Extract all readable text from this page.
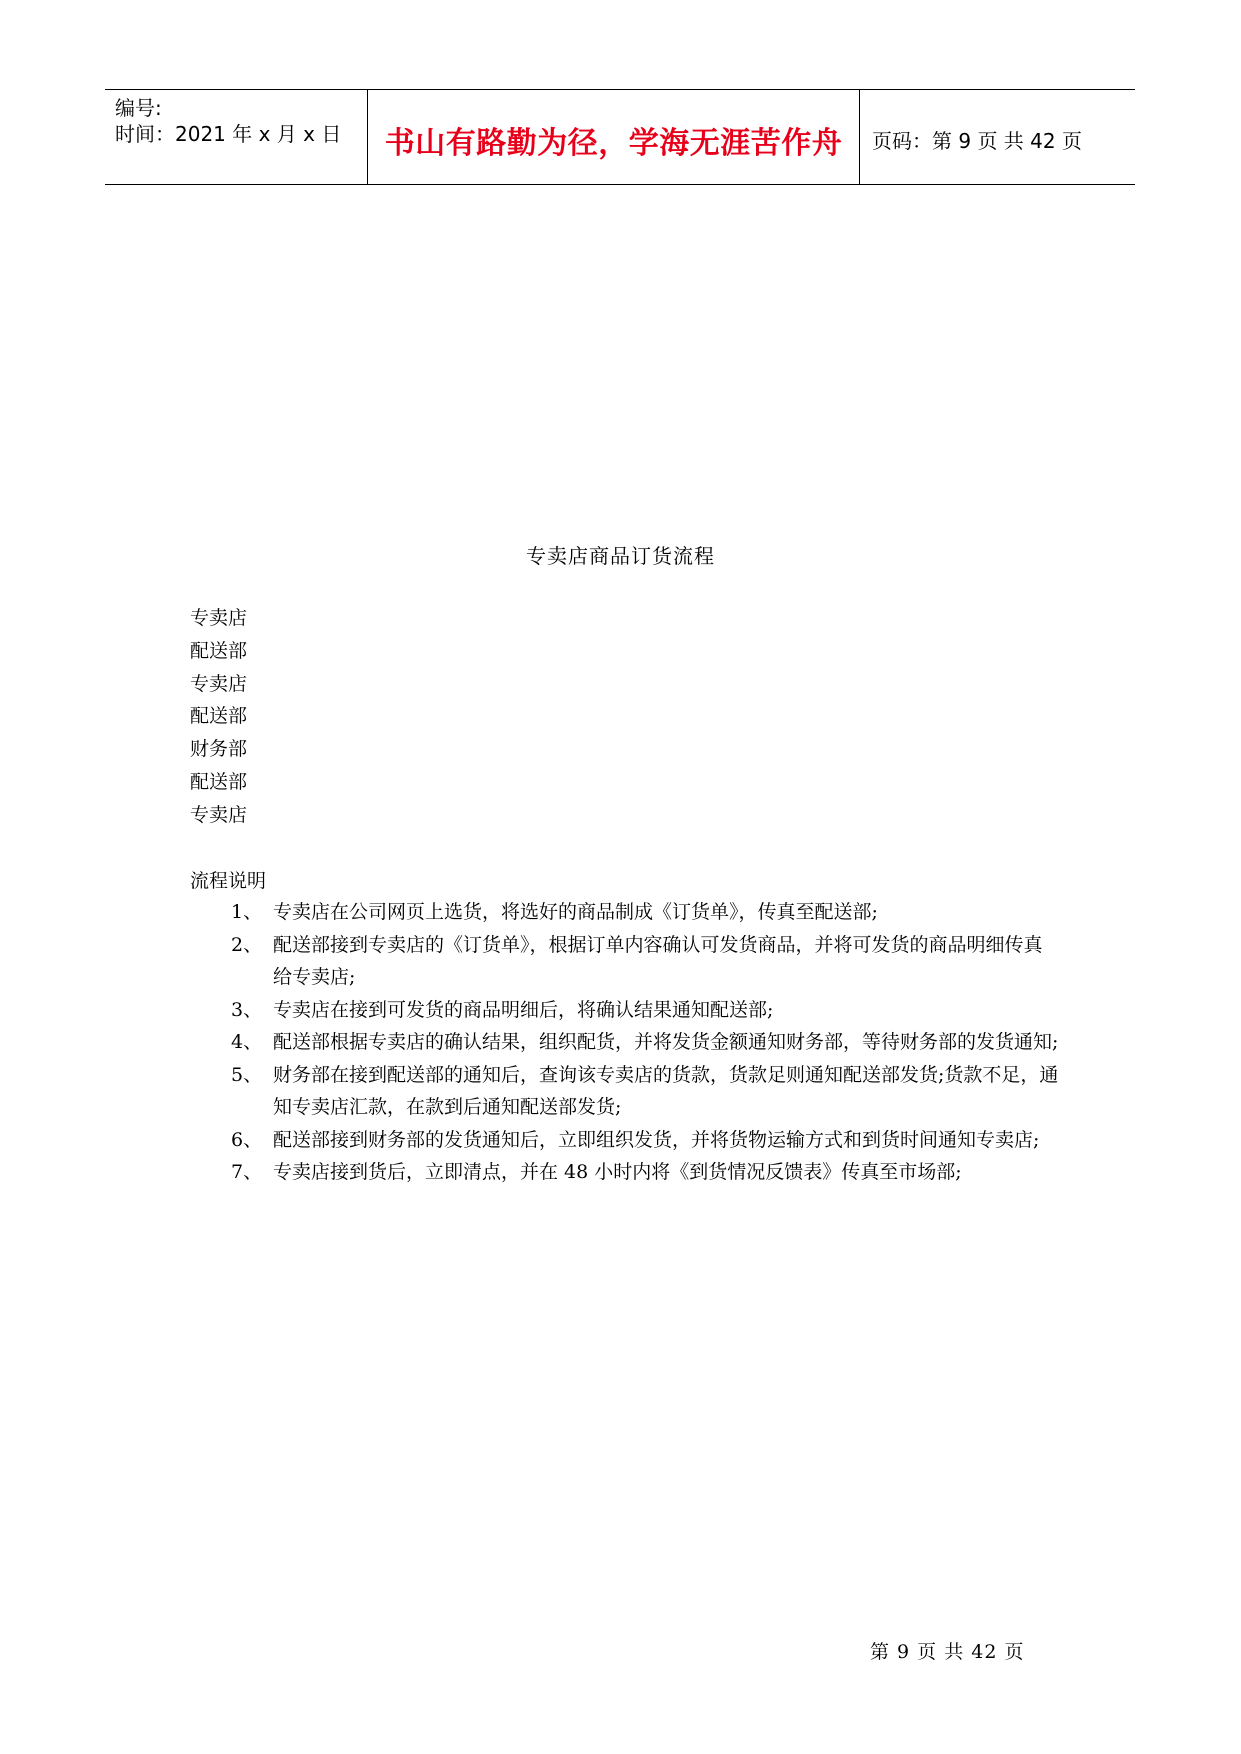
编号:
时间：2021 年 x 月 x 日	书山有路勤为径，学海无涯苦作舟	页码：第 9 页 共 42 页
专卖店商品订货流程
专卖店
配送部
专卖店
配送部
财务部
配送部
专卖店
流程说明
1、 专卖店在公司网页上选货，将选好的商品制成《订货单》，传真至配送部;
2、 配送部接到专卖店的《订货单》，根据订单内容确认可发货商品，并将可发货的商品明细传真给专卖店;
3、 专卖店在接到可发货的商品明细后，将确认结果通知配送部;
4、 配送部根据专卖店的确认结果，组织配货，并将发货金额通知财务部，等待财务部的发货通知;
5、 财务部在接到配送部的通知后，查询该专卖店的货款，货款足则通知配送部发货;货款不足，通知专卖店汇款，在款到后通知配送部发货;
6、 配送部接到财务部的发货通知后，立即组织发货，并将货物运输方式和到货时间通知专卖店;
7、 专卖店接到货后，立即清点，并在 48 小时内将《到货情况反馈表》传真至市场部;
第 9 页 共 42 页
